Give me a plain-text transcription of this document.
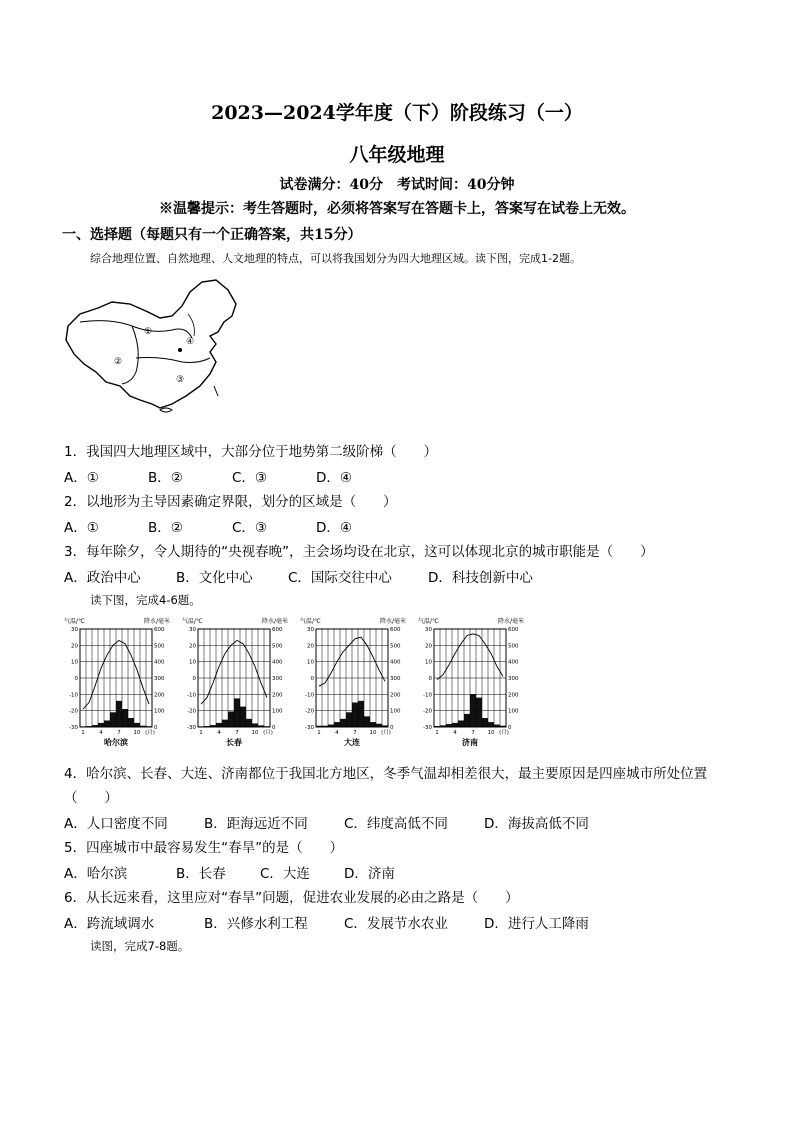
2023—2024学年度（下）阶段练习（一）
八年级地理
试卷满分：40分　考试时间：40分钟
※温馨提示：考生答题时，必须将答案写在答题卡上，答案写在试卷上无效。
一、选择题（每题只有一个正确答案，共15分）
综合地理位置、自然地理、人文地理的特点，可以将我国划分为四大地理区域。读下图，完成1-2题。
①
②
③
④
1．我国四大地理区域中，大部分位于地势第二级阶梯（　　）
A．①	B．②	C．③	D．④
2．以地形为主导因素确定界限，划分的区域是（　　）
A．①	B．②	C．③	D．④
3．每年除夕，令人期待的“央视春晚”，主会场均设在北京，这可以体现北京的城市职能是（　　）
A．政治中心	B．文化中心	C．国际交往中心	D．科技创新中心
读下图，完成4-6题。
气温/℃	降水/毫米
30	600
20	500
10	400
0	300
-10	200
-20	100
-30	0
1	4	7 10 (月)
哈尔滨
气温/℃	降水/毫米
30	600
20	500
10	400
0	300
-10	200
-20	100
-30	0
1	4	7 10 (月)
长春
气温/℃	降水/毫米
30	600
20	500
10	400
0	300
-10	200
-20	100
-30	0
1	4	7 10 (月)
大连
气温/℃	降水/毫米
30	600
20	500
10	400
0	300
-10	200
-20	100
-30	0
1	4	7 10 (月)
济南
4．哈尔滨、长春、大连、济南都位于我国北方地区，冬季气温却相差很大，最主要原因是四座城市所处位置
（　　）
A．人口密度不同	B．距海远近不同	C．纬度高低不同	D．海拔高低不同
5．四座城市中最容易发生“春旱”的是（　　）
A．哈尔滨	B．长春	C．大连	D．济南
6．从长远来看，这里应对“春旱”问题，促进农业发展的必由之路是（　　）
A．跨流域调水	B．兴修水利工程	C．发展节水农业	D．进行人工降雨
读图，完成7-8题。
